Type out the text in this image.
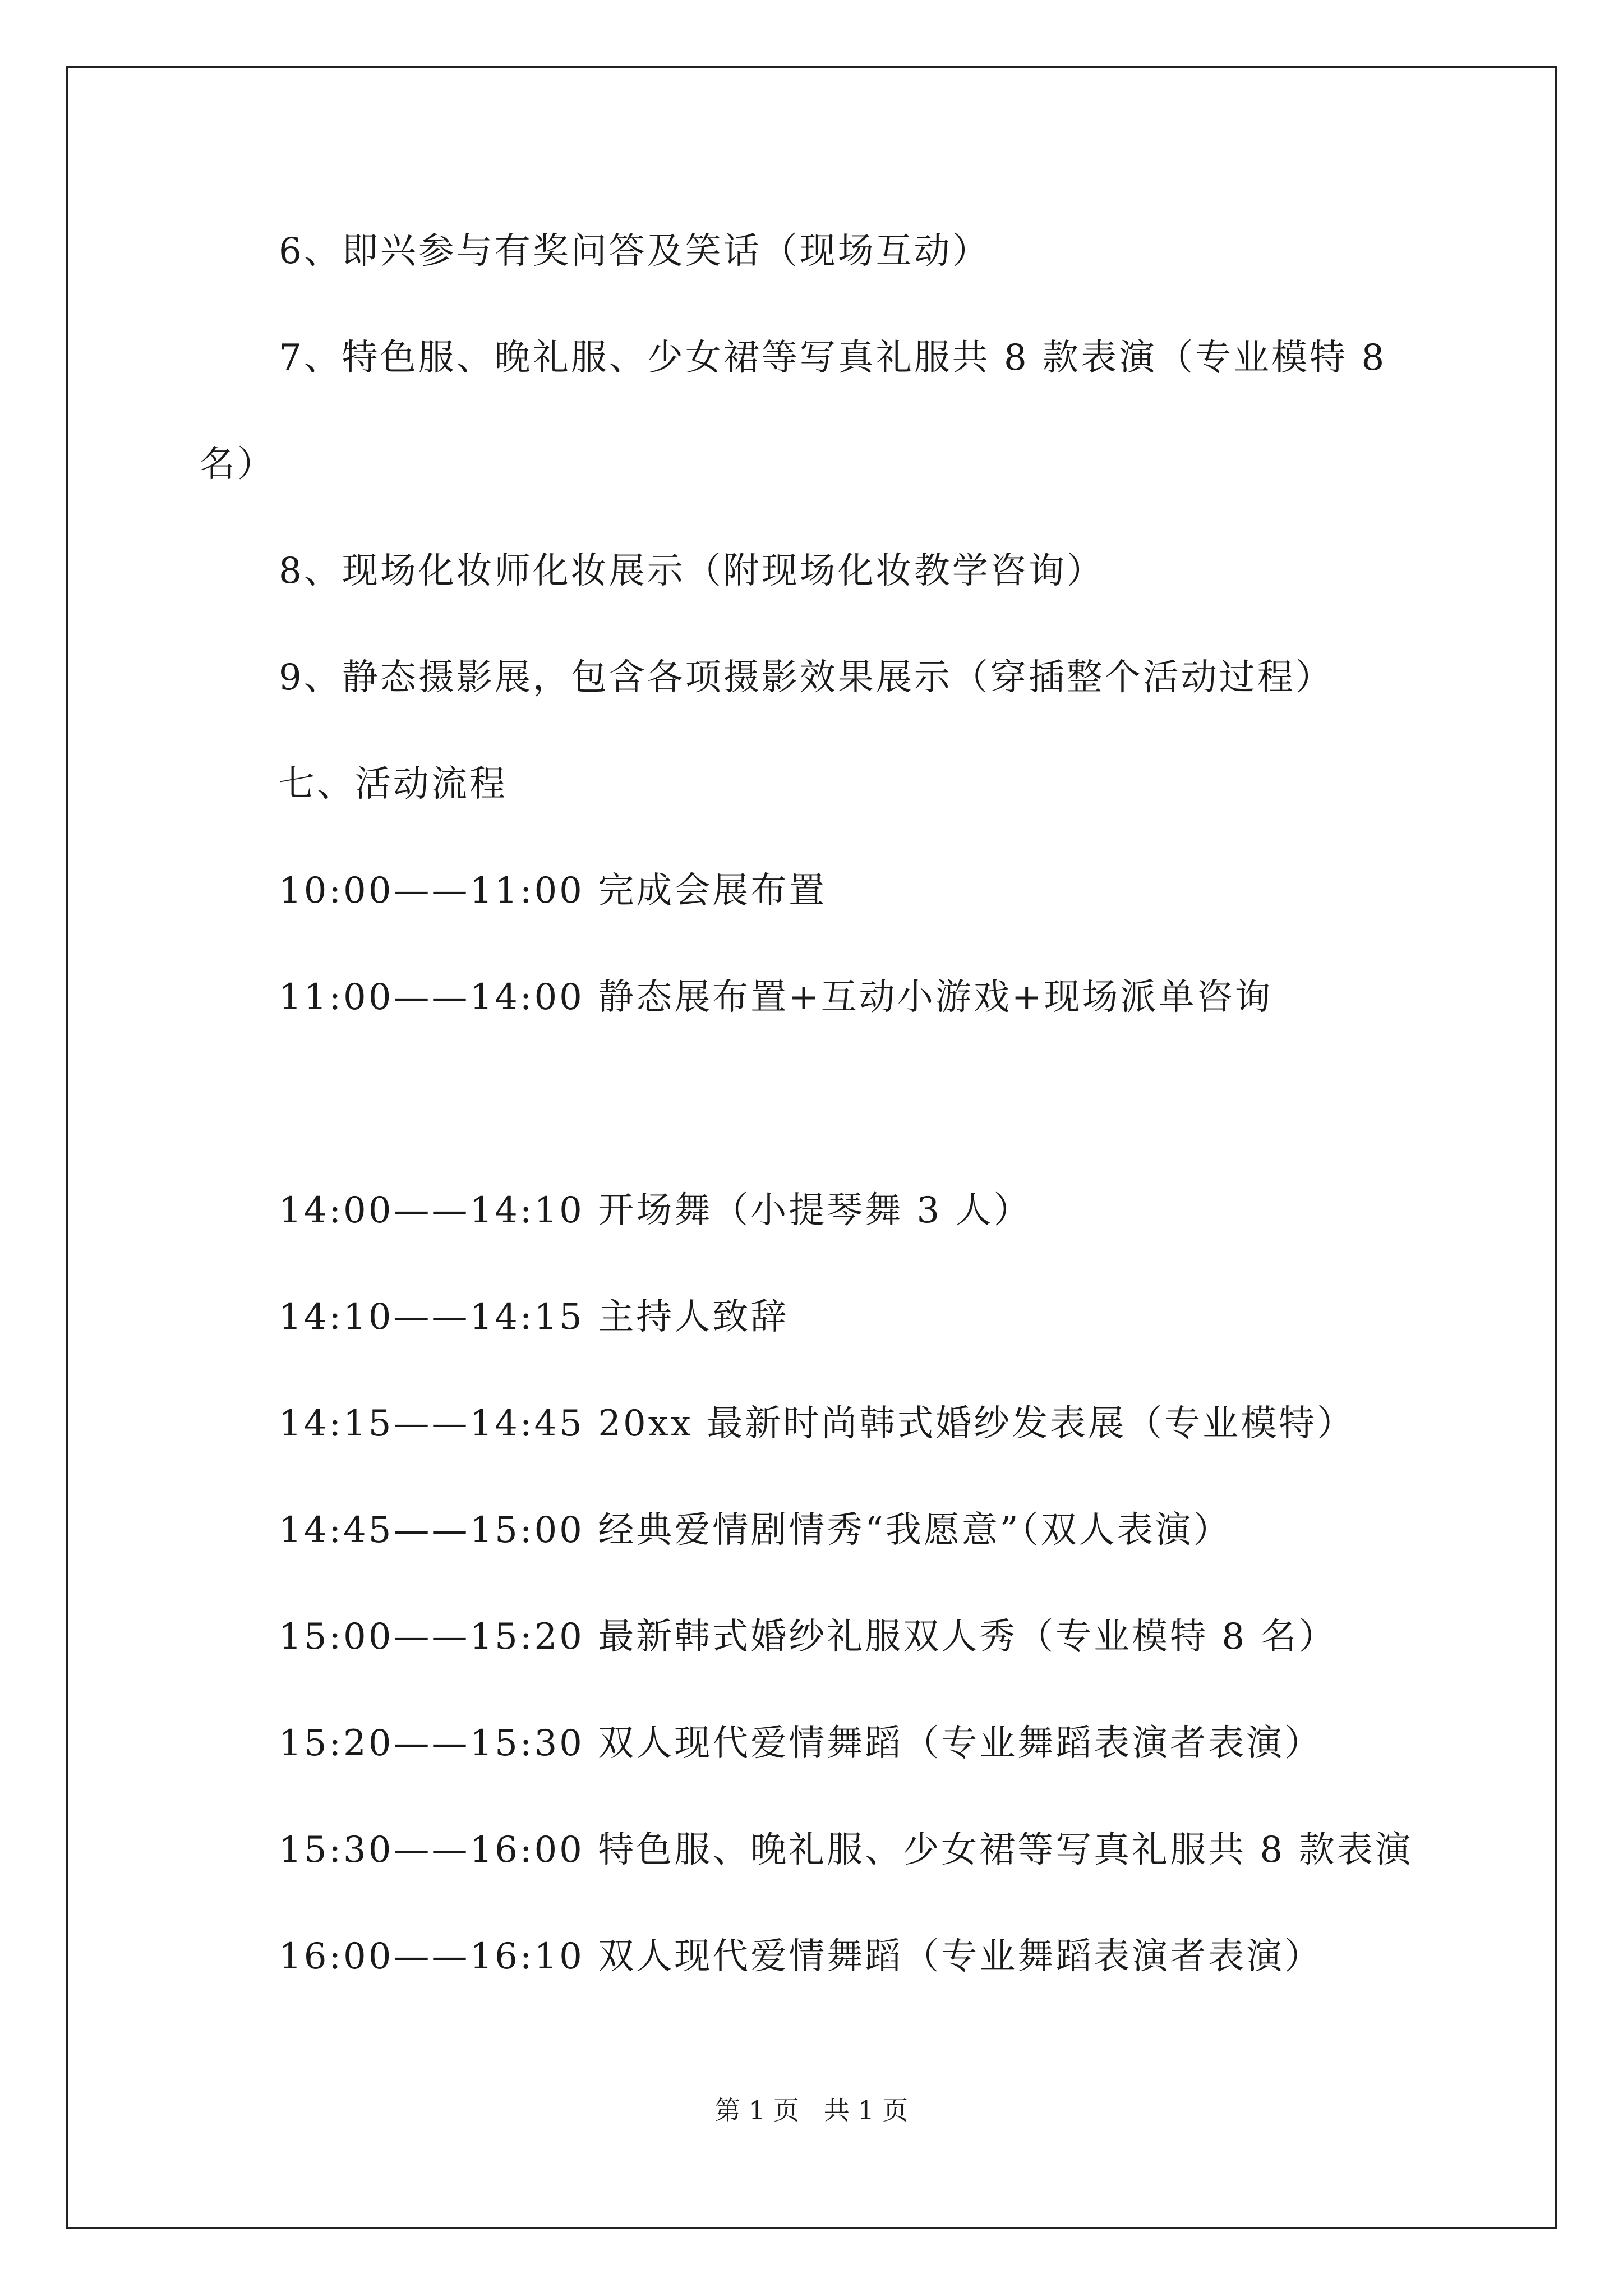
6、即兴参与有奖问答及笑话（现场互动）
7、特色服、晚礼服、少女裙等写真礼服共 8 款表演（专业模特 8
名）
8、现场化妆师化妆展示（附现场化妆教学咨询）
9、静态摄影展，包含各项摄影效果展示（穿插整个活动过程）
七、活动流程
10:00——11:00 完成会展布置
11:00——14:00 静态展布置+互动小游戏+现场派单咨询
14:00——14:10 开场舞（小提琴舞 3 人）
14:10——14:15 主持人致辞
14:15——14:45 20xx 最新时尚韩式婚纱发表展（专业模特）
14:45——15:00 经典爱情剧情秀“我愿意”（双人表演）
15:00——15:20 最新韩式婚纱礼服双人秀（专业模特 8 名）
15:20——15:30 双人现代爱情舞蹈（专业舞蹈表演者表演）
15:30——16:00 特色服、晚礼服、少女裙等写真礼服共 8 款表演
16:00——16:10 双人现代爱情舞蹈（专业舞蹈表演者表演）
第 1 页   共 1 页
